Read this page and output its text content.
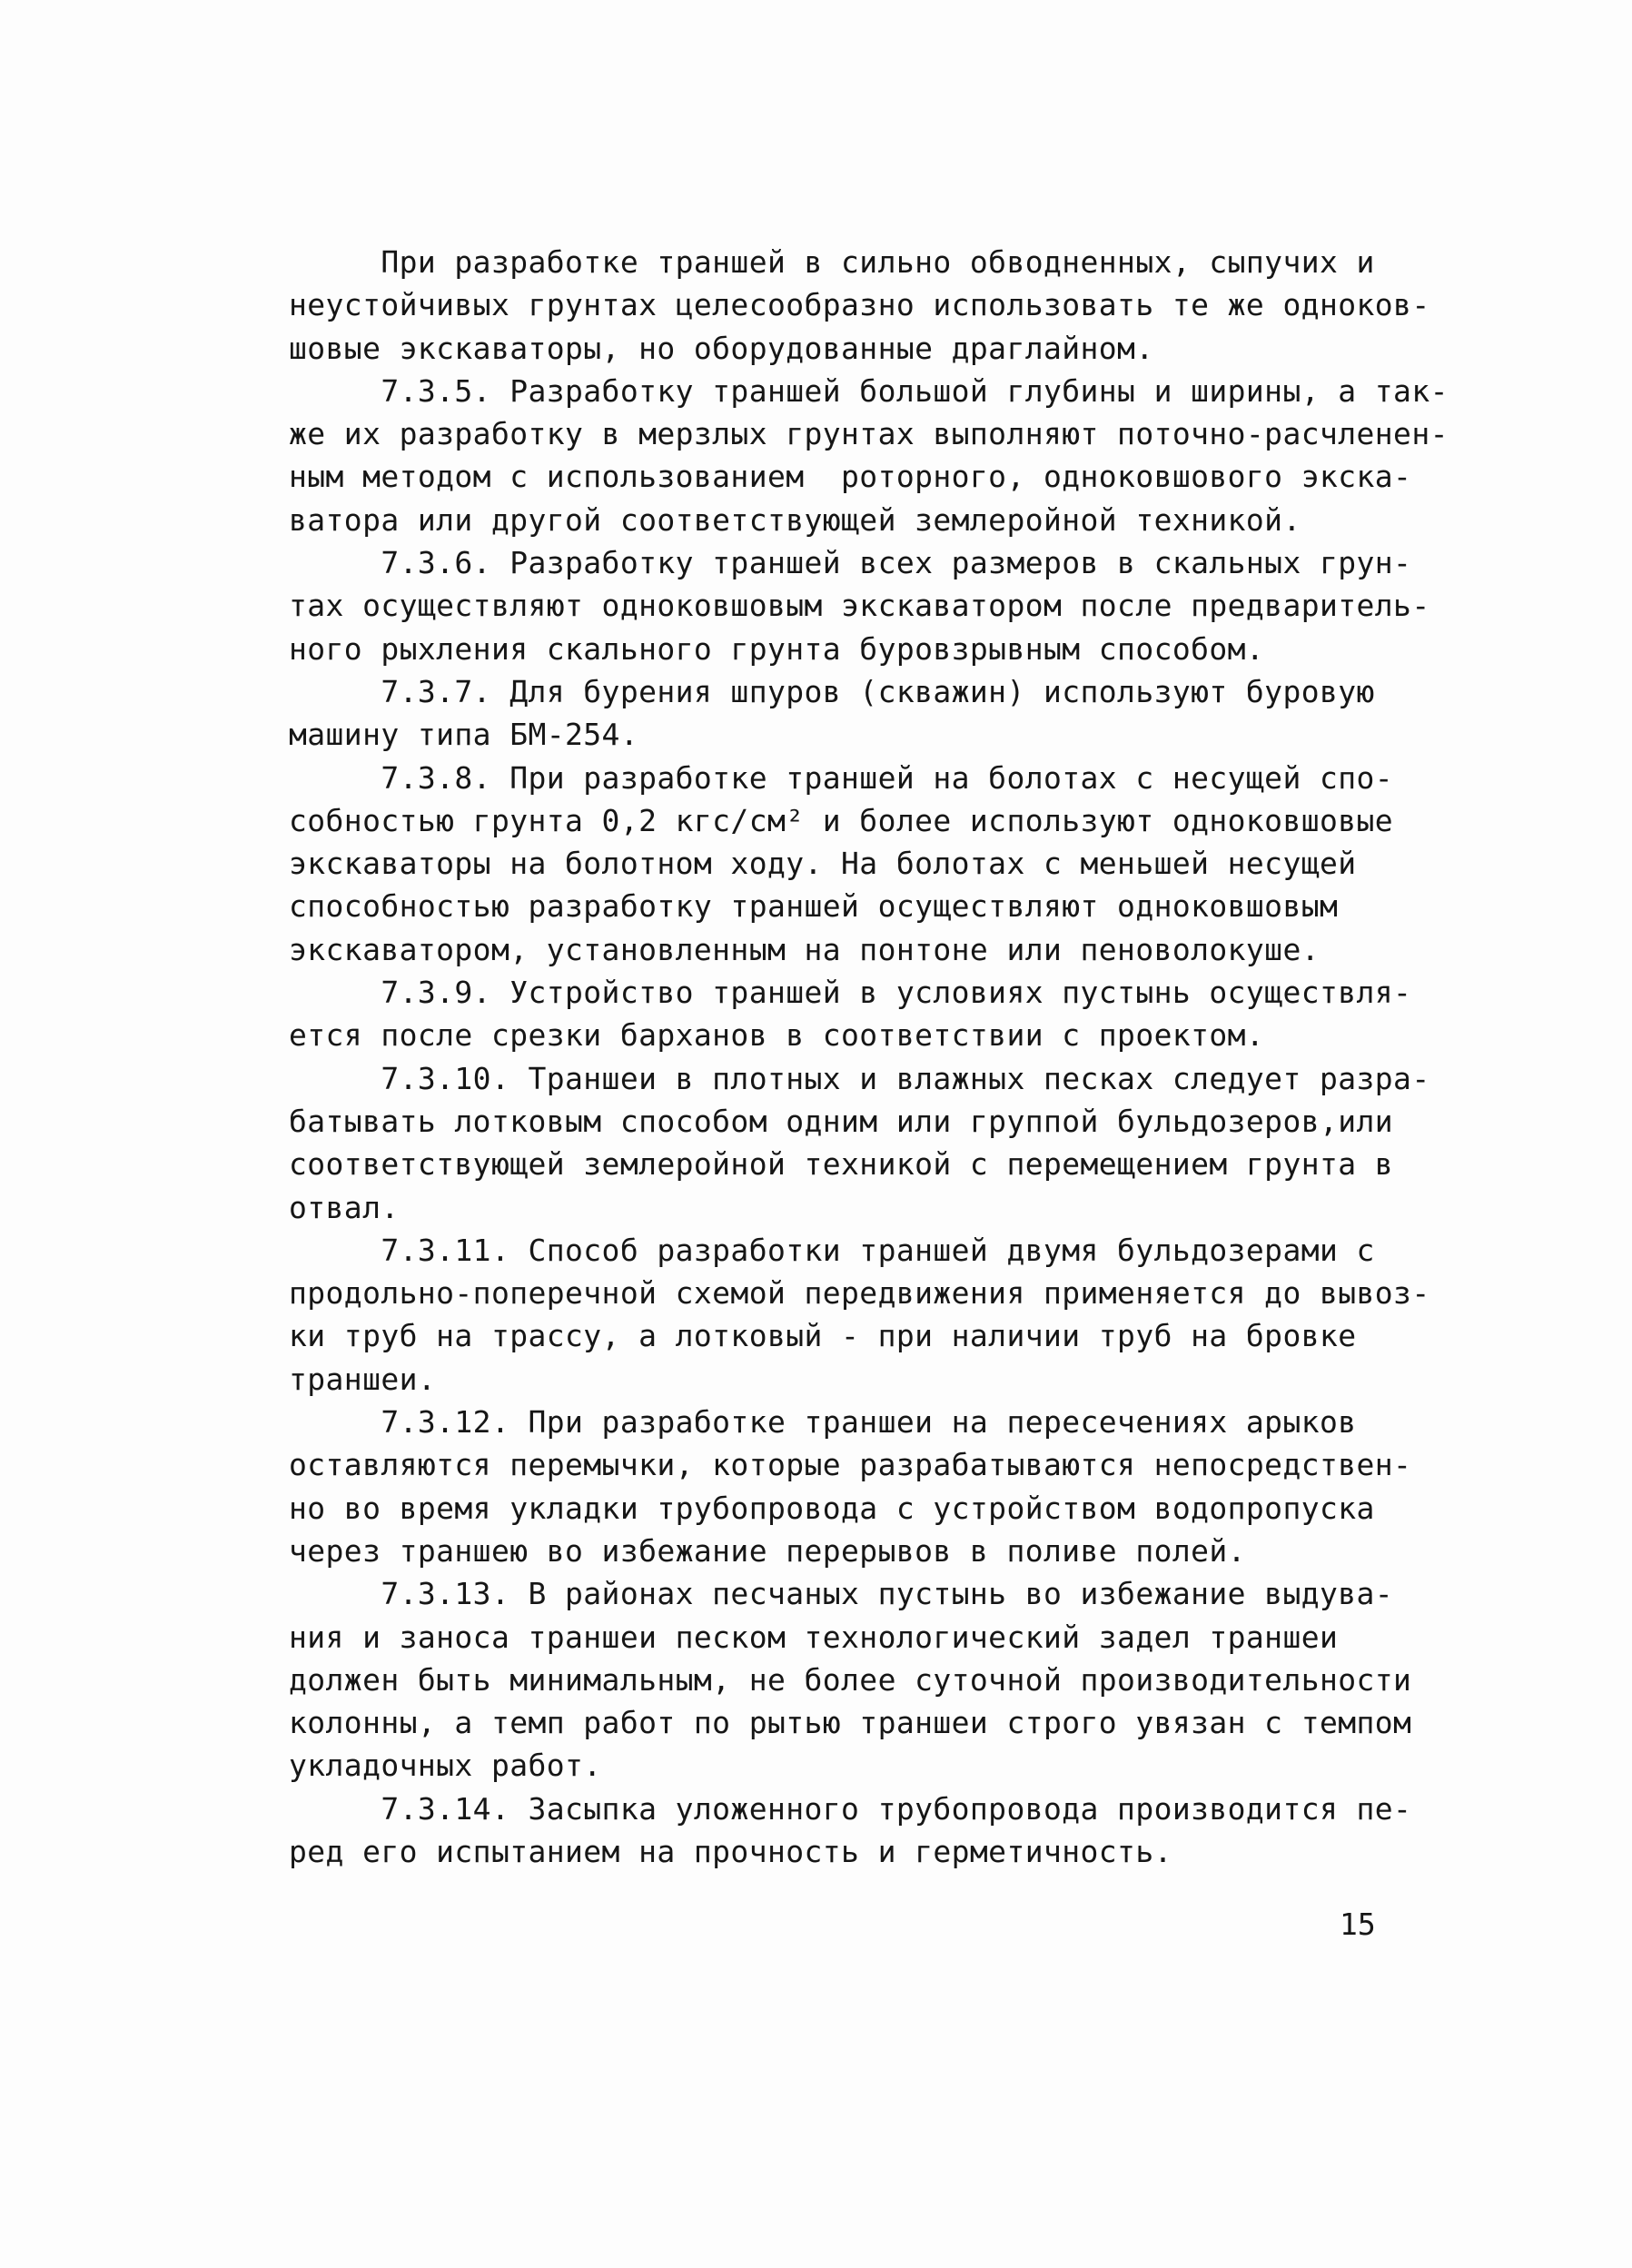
При разработке траншей в сильно обводненных, сыпучих и
неустойчивых грунтах целесообразно использовать те же одноков-
шовые экскаваторы, но оборудованные драглайном.
7.3.5. Разработку траншей большой глубины и ширины, а так-
же их разработку в мерзлых грунтах выполняют поточно-расчленен-
ным методом с использованием  роторного, одноковшового экска-
ватора или другой соответствующей землеройной техникой.
7.3.6. Разработку траншей всех размеров в скальных грун-
тах осуществляют одноковшовым экскаватором после предваритель-
ного рыхления скального грунта буровзрывным способом.
7.3.7. Для бурения шпуров (скважин) используют буровую
машину типа БМ-254.
7.3.8. При разработке траншей на болотах с несущей спо-
собностью грунта 0,2 кгс/см² и более используют одноковшовые
экскаваторы на болотном ходу. На болотах с меньшей несущей
способностью разработку траншей осуществляют одноковшовым
экскаватором, установленным на понтоне или пеноволокуше.
7.3.9. Устройство траншей в условиях пустынь осуществля-
ется после срезки барханов в соответствии с проектом.
7.3.10. Траншеи в плотных и влажных песках следует разра-
батывать лотковым способом одним или группой бульдозеров,или
соответствующей землеройной техникой с перемещением грунта в
отвал.
7.3.11. Способ разработки траншей двумя бульдозерами с
продольно-поперечной схемой передвижения применяется до вывоз-
ки труб на трассу, а лотковый - при наличии труб на бровке
траншеи.
7.3.12. При разработке траншеи на пересечениях арыков
оставляются перемычки, которые разрабатываются непосредствен-
но во время укладки трубопровода с устройством водопропуска
через траншею во избежание перерывов в поливе полей.
7.3.13. В районах песчаных пустынь во избежание выдува-
ния и заноса траншеи песком технологический задел траншеи
должен быть минимальным, не более суточной производительности
колонны, а темп работ по рытью траншеи строго увязан с темпом
укладочных работ.
7.3.14. Засыпка уложенного трубопровода производится пе-
ред его испытанием на прочность и герметичность.
15
